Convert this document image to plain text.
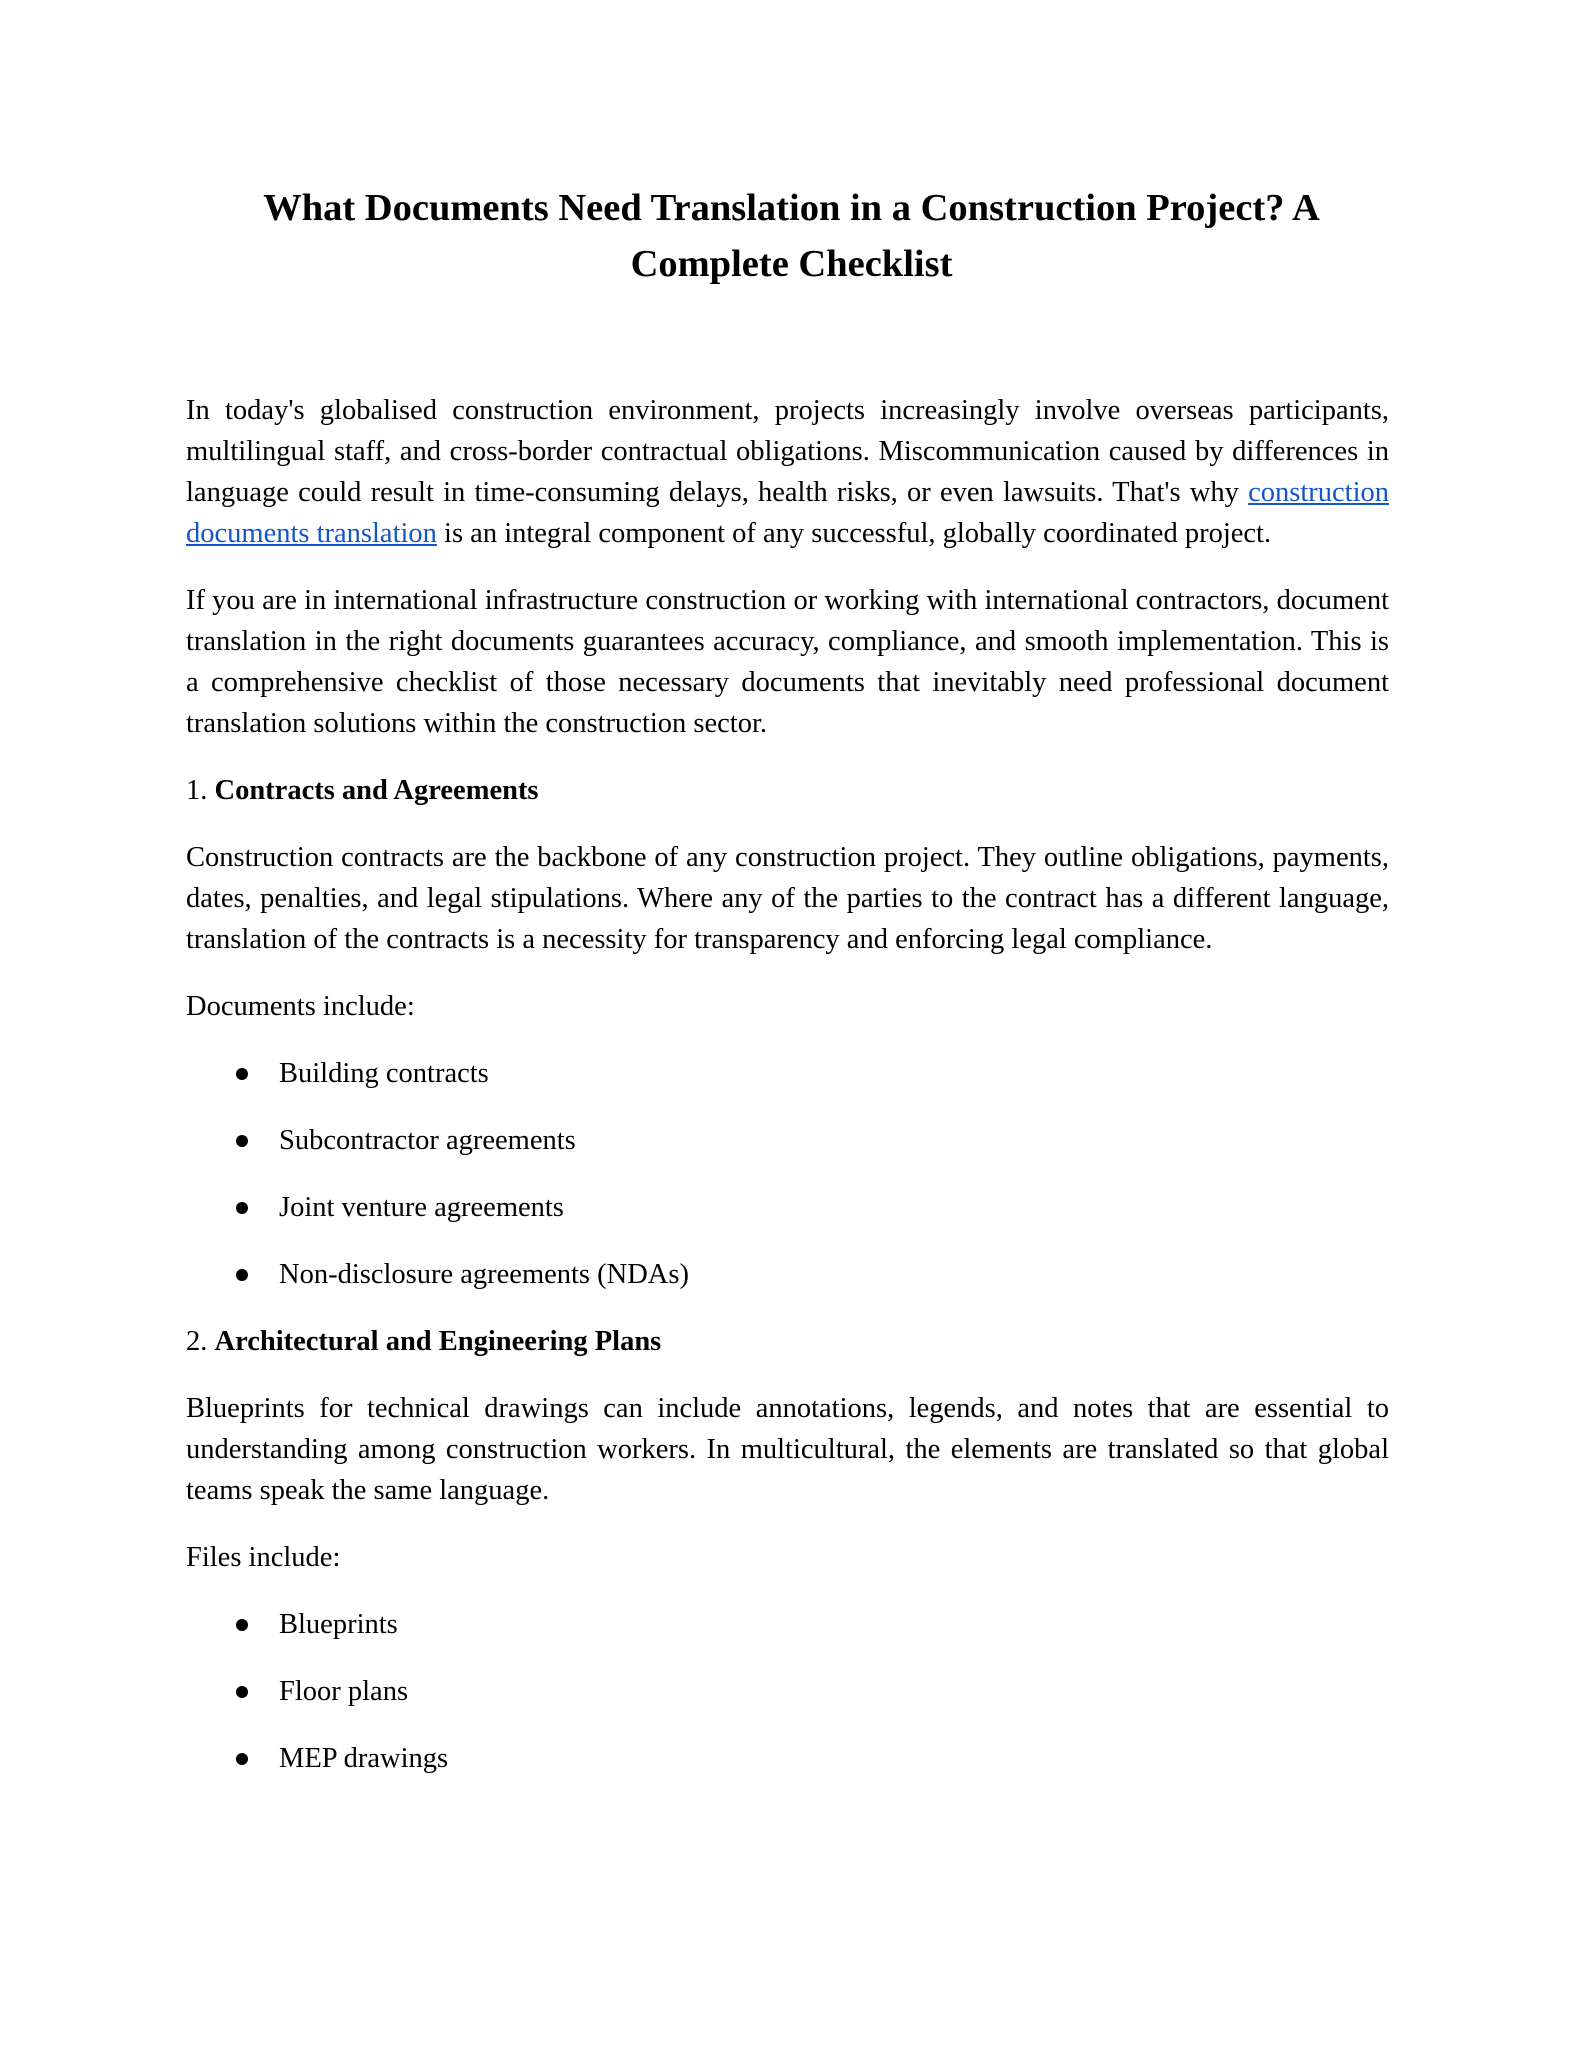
What Documents Need Translation in a Construction Project? A Complete Checklist

In today's globalised construction environment, projects increasingly involve overseas participants, multilingual staff, and cross-border contractual obligations. Miscommunication caused by differences in language could result in time-consuming delays, health risks, or even lawsuits. That's why construction documents translation is an integral component of any successful, globally coordinated project.

If you are in international infrastructure construction or working with international contractors, document translation in the right documents guarantees accuracy, compliance, and smooth implementation. This is a comprehensive checklist of those necessary documents that inevitably need professional document translation solutions within the construction sector.

1. Contracts and Agreements

Construction contracts are the backbone of any construction project. They outline obligations, payments, dates, penalties, and legal stipulations. Where any of the parties to the contract has a different language, translation of the contracts is a necessity for transparency and enforcing legal compliance.

Documents include:

Building contracts
Subcontractor agreements
Joint venture agreements
Non-disclosure agreements (NDAs)

2. Architectural and Engineering Plans

Blueprints for technical drawings can include annotations, legends, and notes that are essential to understanding among construction workers. In multicultural, the elements are translated so that global teams speak the same language.

Files include:

Blueprints
Floor plans
MEP drawings
